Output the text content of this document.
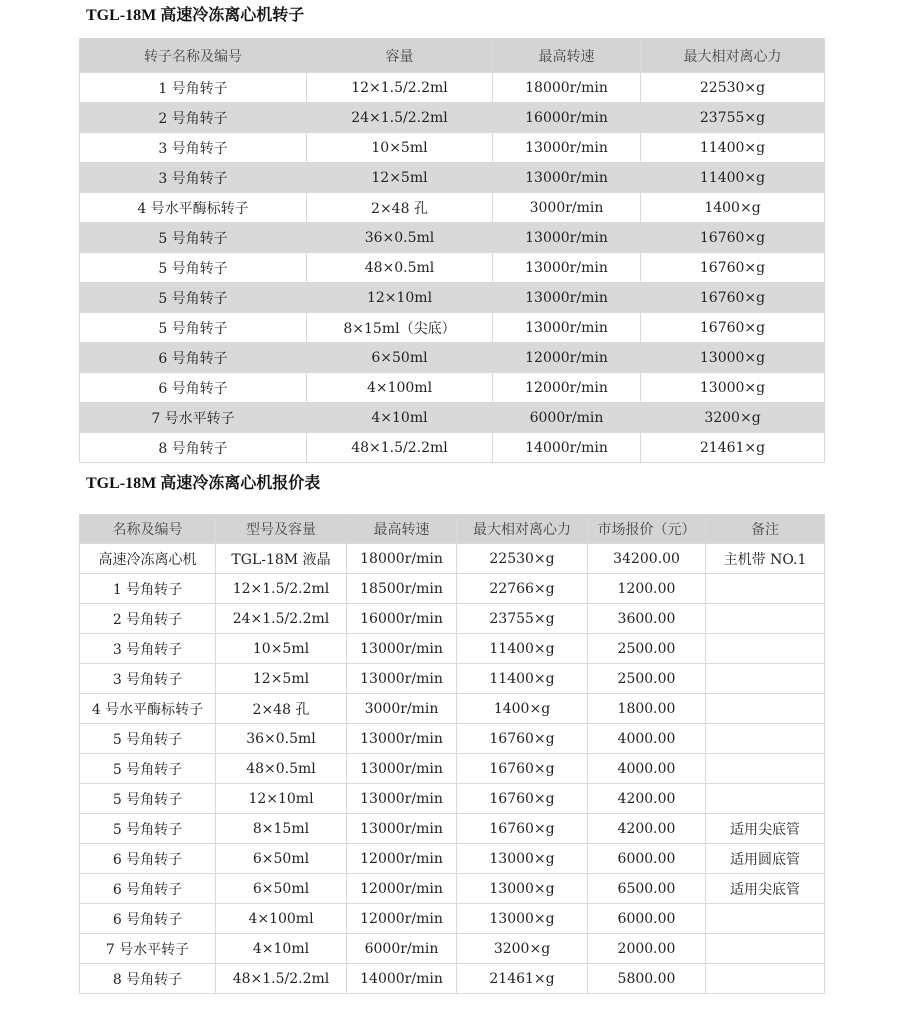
TGL-18M 高速冷冻离心机转子
转子名称及编号	容量	最高转速	最大相对离心力
1 号角转子	12×1.5/2.2ml	18000r/min	22530×g
2 号角转子	24×1.5/2.2ml	16000r/min	23755×g
3 号角转子	10×5ml	13000r/min	11400×g
3 号角转子	12×5ml	13000r/min	11400×g
4 号水平酶标转子	2×48 孔	3000r/min	1400×g
5 号角转子	36×0.5ml	13000r/min	16760×g
5 号角转子	48×0.5ml	13000r/min	16760×g
5 号角转子	12×10ml	13000r/min	16760×g
5 号角转子	8×15ml（尖底）	13000r/min	16760×g
6 号角转子	6×50ml	12000r/min	13000×g
6 号角转子	4×100ml	12000r/min	13000×g
7 号水平转子	4×10ml	6000r/min	3200×g
8 号角转子	48×1.5/2.2ml	14000r/min	21461×g
TGL-18M 高速冷冻离心机报价表
名称及编号	型号及容量	最高转速	最大相对离心力	市场报价（元）	备注
高速冷冻离心机	TGL-18M 液晶	18000r/min	22530×g	34200.00	主机带 NO.1
1 号角转子	12×1.5/2.2ml	18500r/min	22766×g	1200.00	
2 号角转子	24×1.5/2.2ml	16000r/min	23755×g	3600.00	
3 号角转子	10×5ml	13000r/min	11400×g	2500.00	
3 号角转子	12×5ml	13000r/min	11400×g	2500.00	
4 号水平酶标转子	2×48 孔	3000r/min	1400×g	1800.00	
5 号角转子	36×0.5ml	13000r/min	16760×g	4000.00	
5 号角转子	48×0.5ml	13000r/min	16760×g	4000.00	
5 号角转子	12×10ml	13000r/min	16760×g	4200.00	
5 号角转子	8×15ml	13000r/min	16760×g	4200.00	适用尖底管
6 号角转子	6×50ml	12000r/min	13000×g	6000.00	适用圆底管
6 号角转子	6×50ml	12000r/min	13000×g	6500.00	适用尖底管
6 号角转子	4×100ml	12000r/min	13000×g	6000.00	
7 号水平转子	4×10ml	6000r/min	3200×g	2000.00	
8 号角转子	48×1.5/2.2ml	14000r/min	21461×g	5800.00	
